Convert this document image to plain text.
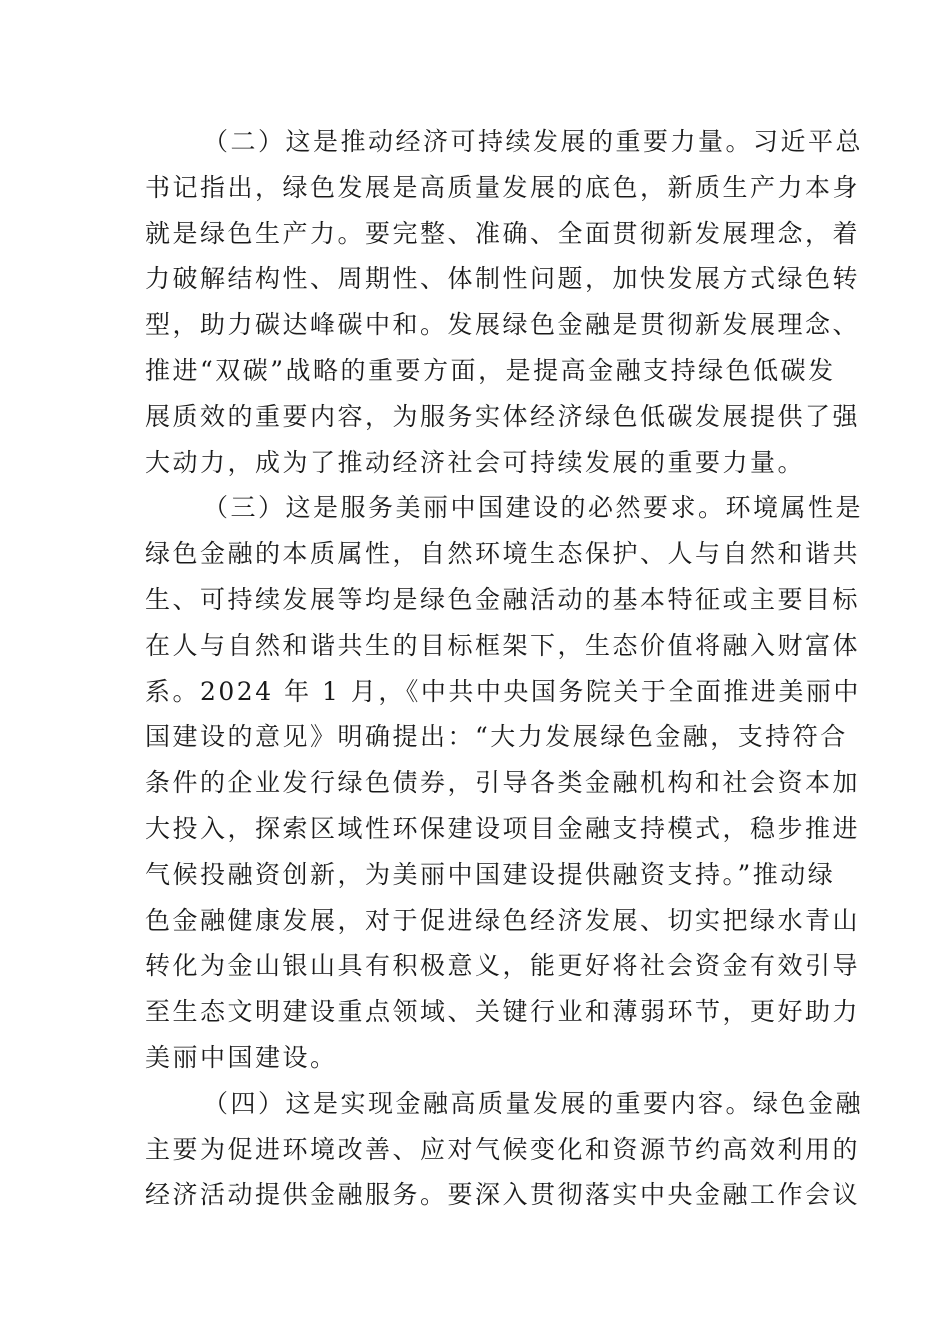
（二）这是推动经济可持续发展的重要力量。习近平总
书记指出，绿色发展是高质量发展的底色，新质生产力本身
就是绿色生产力。要完整、准确、全面贯彻新发展理念，着
力破解结构性、周期性、体制性问题，加快发展方式绿色转
型，助力碳达峰碳中和。发展绿色金融是贯彻新发展理念、
推进“双碳”战略的重要方面，是提高金融支持绿色低碳发
展质效的重要内容，为服务实体经济绿色低碳发展提供了强
大动力，成为了推动经济社会可持续发展的重要力量。
（三）这是服务美丽中国建设的必然要求。环境属性是
绿色金融的本质属性，自然环境生态保护、人与自然和谐共
生、可持续发展等均是绿色金融活动的基本特征或主要目标
在人与自然和谐共生的目标框架下，生态价值将融入财富体
系。2024 年 1 月，《中共中央国务院关于全面推进美丽中
国建设的意见》明确提出：“大力发展绿色金融，支持符合
条件的企业发行绿色债券，引导各类金融机构和社会资本加
大投入，探索区域性环保建设项目金融支持模式，稳步推进
气候投融资创新，为美丽中国建设提供融资支持。”推动绿
色金融健康发展，对于促进绿色经济发展、切实把绿水青山
转化为金山银山具有积极意义，能更好将社会资金有效引导
至生态文明建设重点领域、关键行业和薄弱环节，更好助力
美丽中国建设。
（四）这是实现金融高质量发展的重要内容。绿色金融
主要为促进环境改善、应对气候变化和资源节约高效利用的
经济活动提供金融服务。要深入贯彻落实中央金融工作会议
